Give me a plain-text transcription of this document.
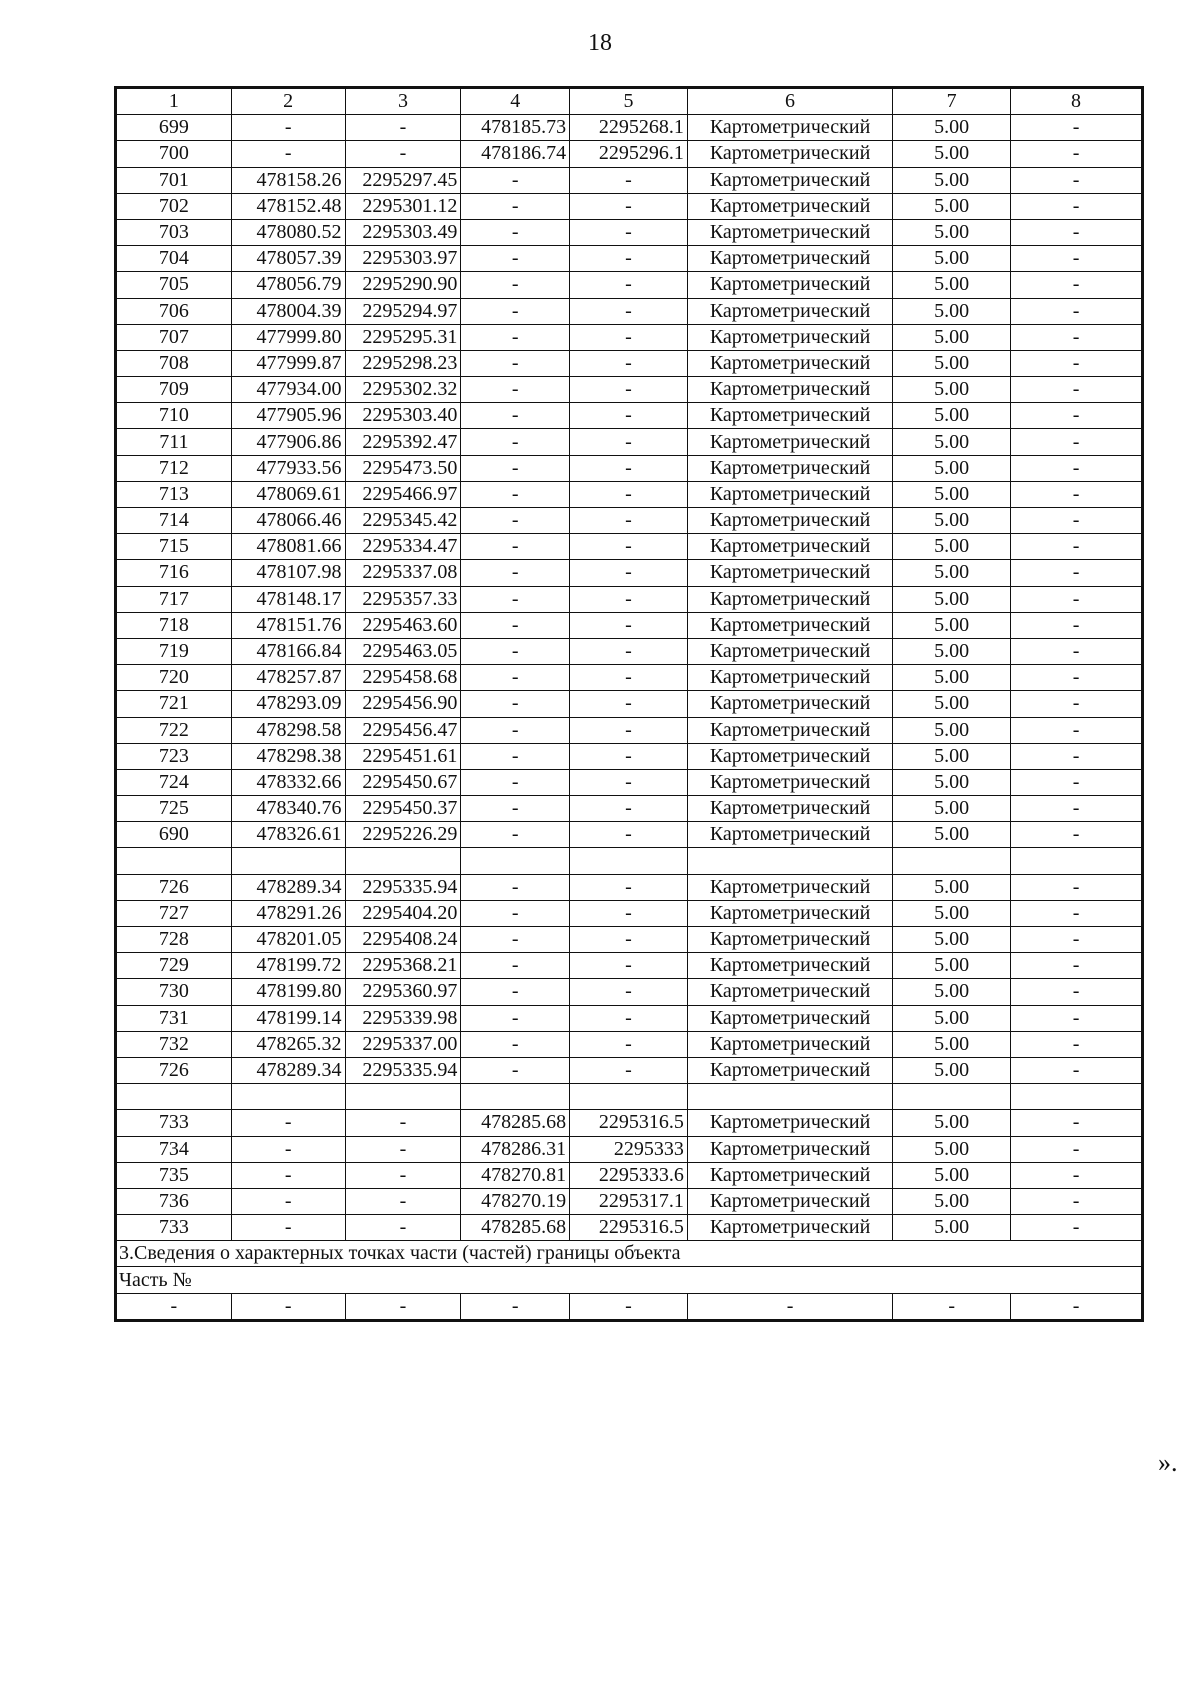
18
1	2	3	4	5	6	7	8
699	-	-	478185.73	2295268.1	Картометрический	5.00	-
700	-	-	478186.74	2295296.1	Картометрический	5.00	-
701	478158.26	2295297.45	-	-	Картометрический	5.00	-
702	478152.48	2295301.12	-	-	Картометрический	5.00	-
703	478080.52	2295303.49	-	-	Картометрический	5.00	-
704	478057.39	2295303.97	-	-	Картометрический	5.00	-
705	478056.79	2295290.90	-	-	Картометрический	5.00	-
706	478004.39	2295294.97	-	-	Картометрический	5.00	-
707	477999.80	2295295.31	-	-	Картометрический	5.00	-
708	477999.87	2295298.23	-	-	Картометрический	5.00	-
709	477934.00	2295302.32	-	-	Картометрический	5.00	-
710	477905.96	2295303.40	-	-	Картометрический	5.00	-
711	477906.86	2295392.47	-	-	Картометрический	5.00	-
712	477933.56	2295473.50	-	-	Картометрический	5.00	-
713	478069.61	2295466.97	-	-	Картометрический	5.00	-
714	478066.46	2295345.42	-	-	Картометрический	5.00	-
715	478081.66	2295334.47	-	-	Картометрический	5.00	-
716	478107.98	2295337.08	-	-	Картометрический	5.00	-
717	478148.17	2295357.33	-	-	Картометрический	5.00	-
718	478151.76	2295463.60	-	-	Картометрический	5.00	-
719	478166.84	2295463.05	-	-	Картометрический	5.00	-
720	478257.87	2295458.68	-	-	Картометрический	5.00	-
721	478293.09	2295456.90	-	-	Картометрический	5.00	-
722	478298.58	2295456.47	-	-	Картометрический	5.00	-
723	478298.38	2295451.61	-	-	Картометрический	5.00	-
724	478332.66	2295450.67	-	-	Картометрический	5.00	-
725	478340.76	2295450.37	-	-	Картометрический	5.00	-
690	478326.61	2295226.29	-	-	Картометрический	5.00	-

726	478289.34	2295335.94	-	-	Картометрический	5.00	-
727	478291.26	2295404.20	-	-	Картометрический	5.00	-
728	478201.05	2295408.24	-	-	Картометрический	5.00	-
729	478199.72	2295368.21	-	-	Картометрический	5.00	-
730	478199.80	2295360.97	-	-	Картометрический	5.00	-
731	478199.14	2295339.98	-	-	Картометрический	5.00	-
732	478265.32	2295337.00	-	-	Картометрический	5.00	-
726	478289.34	2295335.94	-	-	Картометрический	5.00	-

733	-	-	478285.68	2295316.5	Картометрический	5.00	-
734	-	-	478286.31	2295333	Картометрический	5.00	-
735	-	-	478270.81	2295333.6	Картометрический	5.00	-
736	-	-	478270.19	2295317.1	Картометрический	5.00	-
733	-	-	478285.68	2295316.5	Картометрический	5.00	-
3.Сведения о характерных точках части (частей) границы объекта							
Часть №							
-	-	-	-	-	-	-	-
».
